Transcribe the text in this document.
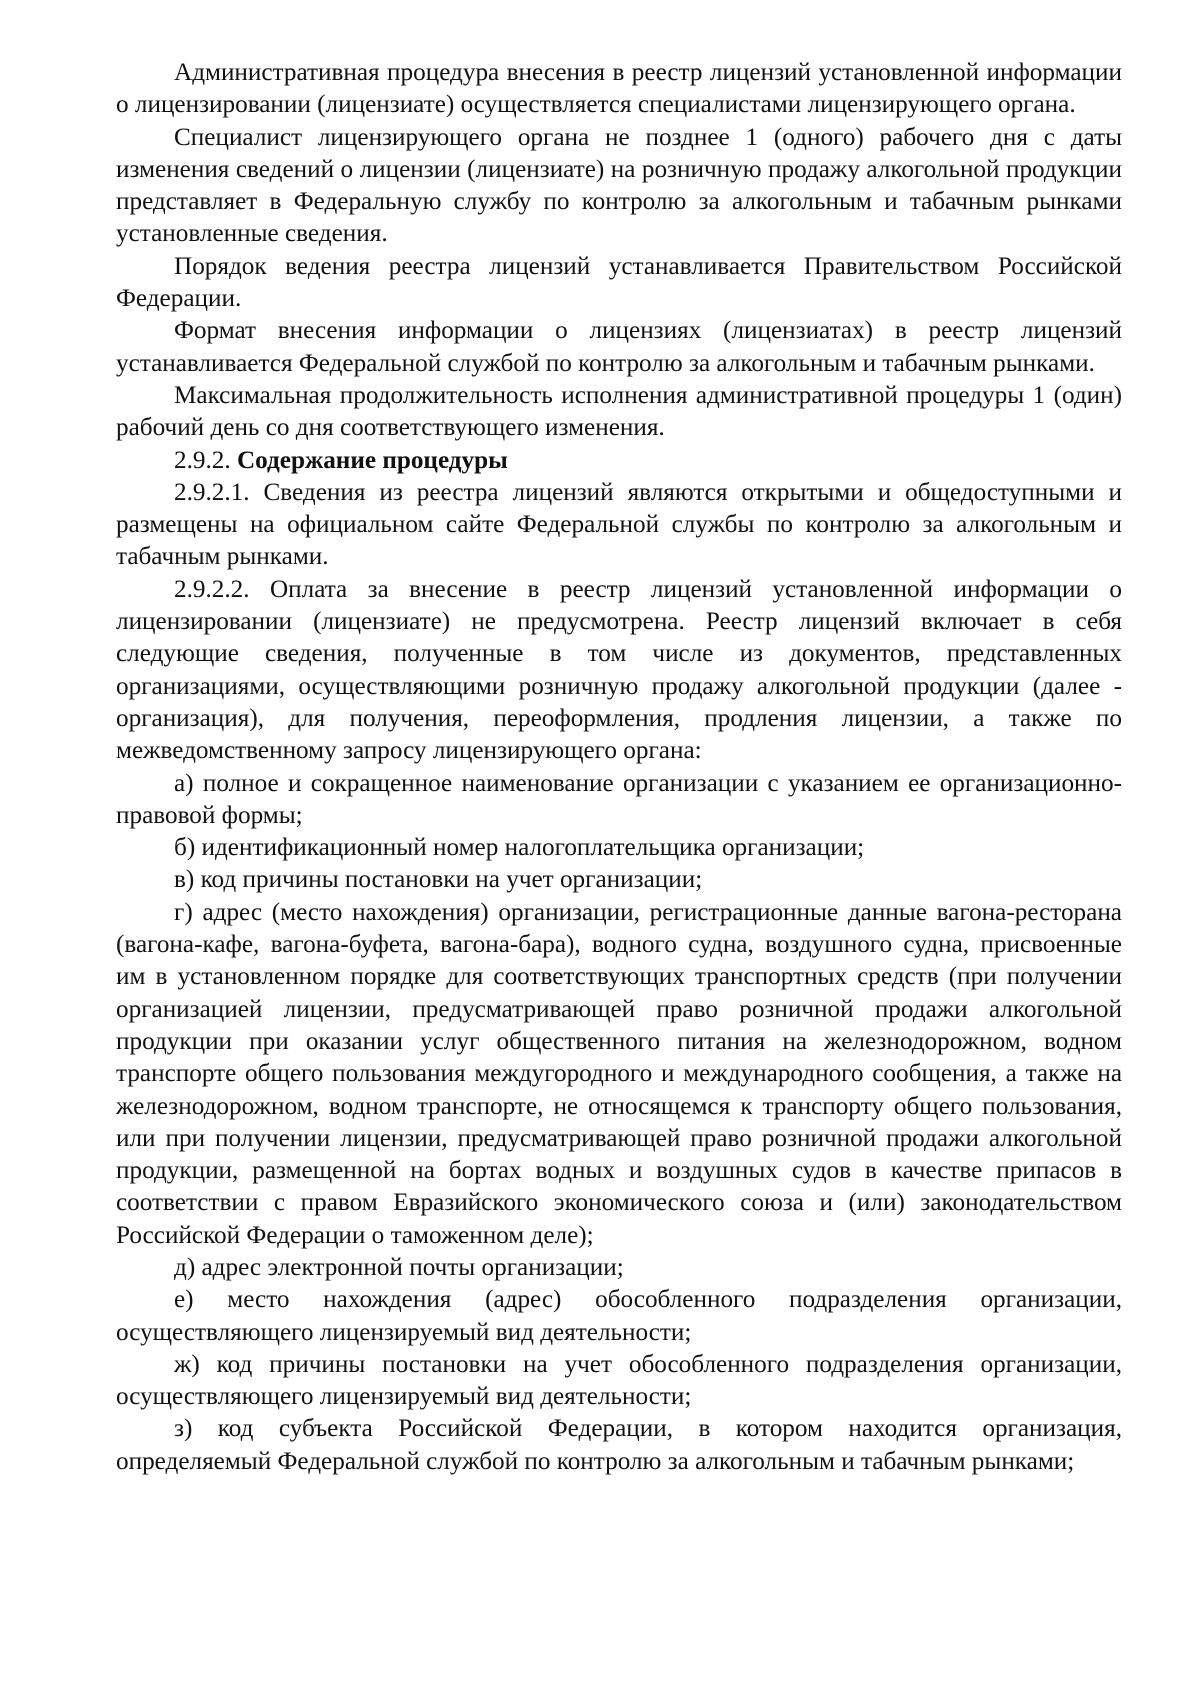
Административная процедура внесения в реестр лицензий установленной информации о лицензировании (лицензиате) осуществляется специалистами лицензирующего органа.

Специалист лицензирующего органа не позднее 1 (одного) рабочего дня с даты изменения сведений о лицензии (лицензиате) на розничную продажу алкогольной продукции представляет в Федеральную службу по контролю за алкогольным и табачным рынками установленные сведения.

Порядок ведения реестра лицензий устанавливается Правительством Российской Федерации.

Формат внесения информации о лицензиях (лицензиатах) в реестр лицензий устанавливается Федеральной службой по контролю за алкогольным и табачным рынками.

Максимальная продолжительность исполнения административной процедуры 1 (один) рабочий день со дня соответствующего изменения.

2.9.2. Содержание процедуры

2.9.2.1. Сведения из реестра лицензий являются открытыми и общедоступными и размещены на официальном сайте Федеральной службы по контролю за алкогольным и табачным рынками.

2.9.2.2. Оплата за внесение в реестр лицензий установленной информации о лицензировании (лицензиате) не предусмотрена. Реестр лицензий включает в себя следующие сведения, полученные в том числе из документов, представленных организациями, осуществляющими розничную продажу алкогольной продукции (далее - организация), для получения, переоформления, продления лицензии, а также по межведомственному запросу лицензирующего органа:

а) полное и сокращенное наименование организации с указанием ее организационно-правовой формы;

б) идентификационный номер налогоплательщика организации;

в) код причины постановки на учет организации;

г) адрес (место нахождения) организации, регистрационные данные вагона-ресторана (вагона-кафе, вагона-буфета, вагона-бара), водного судна, воздушного судна, присвоенные им в установленном порядке для соответствующих транспортных средств (при получении организацией лицензии, предусматривающей право розничной продажи алкогольной продукции при оказании услуг общественного питания на железнодорожном, водном транспорте общего пользования междугородного и международного сообщения, а также на железнодорожном, водном транспорте, не относящемся к транспорту общего пользования, или при получении лицензии, предусматривающей право розничной продажи алкогольной продукции, размещенной на бортах водных и воздушных судов в качестве припасов в соответствии с правом Евразийского экономического союза и (или) законодательством Российской Федерации о таможенном деле);

д) адрес электронной почты организации;

е) место нахождения (адрес) обособленного подразделения организации, осуществляющего лицензируемый вид деятельности;

ж) код причины постановки на учет обособленного подразделения организации, осуществляющего лицензируемый вид деятельности;

з) код субъекта Российской Федерации, в котором находится организация, определяемый Федеральной службой по контролю за алкогольным и табачным рынками;
